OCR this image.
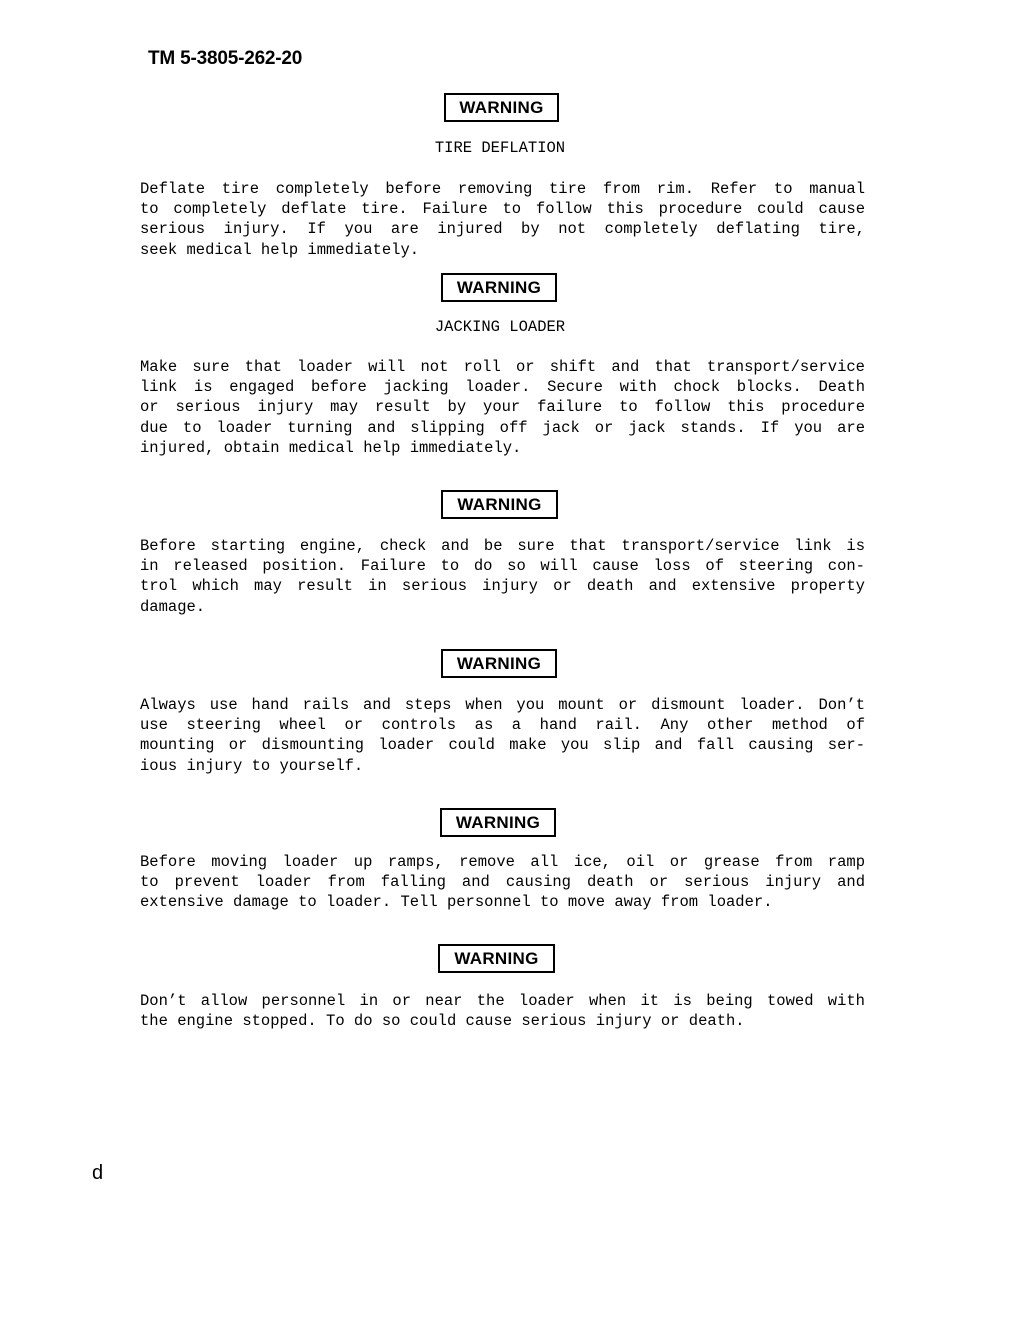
TM 5-3805-262-20
WARNING
TIRE DEFLATION
Deflate tire completely before removing tire from rim. Refer to manual
to completely deflate tire. Failure to follow this procedure could cause
serious injury. If you are injured by not completely deflating tire,
seek medical help immediately.
WARNING
JACKING LOADER
Make sure that loader will not roll or shift and that transport/service
link is engaged before jacking loader. Secure with chock blocks. Death
or serious injury may result by your failure to follow this procedure
due to loader turning and slipping off jack or jack stands. If you are
injured, obtain medical help immediately.
WARNING
Before starting engine, check and be sure that transport/service link is
in released position. Failure to do so will cause loss of steering con-
trol which may result in serious injury or death and extensive property
damage.
WARNING
Always use hand rails and steps when you mount or dismount loader. Don’t
use steering wheel or controls as a hand rail. Any other method of
mounting or dismounting loader could make you slip and fall causing ser-
ious injury to yourself.
WARNING
Before moving loader up ramps, remove all ice, oil or grease from ramp
to prevent loader from falling and causing death or serious injury and
extensive damage to loader. Tell personnel to move away from loader.
WARNING
Don’t allow personnel in or near the loader when it is being towed with
the engine stopped. To do so could cause serious injury or death.
d
